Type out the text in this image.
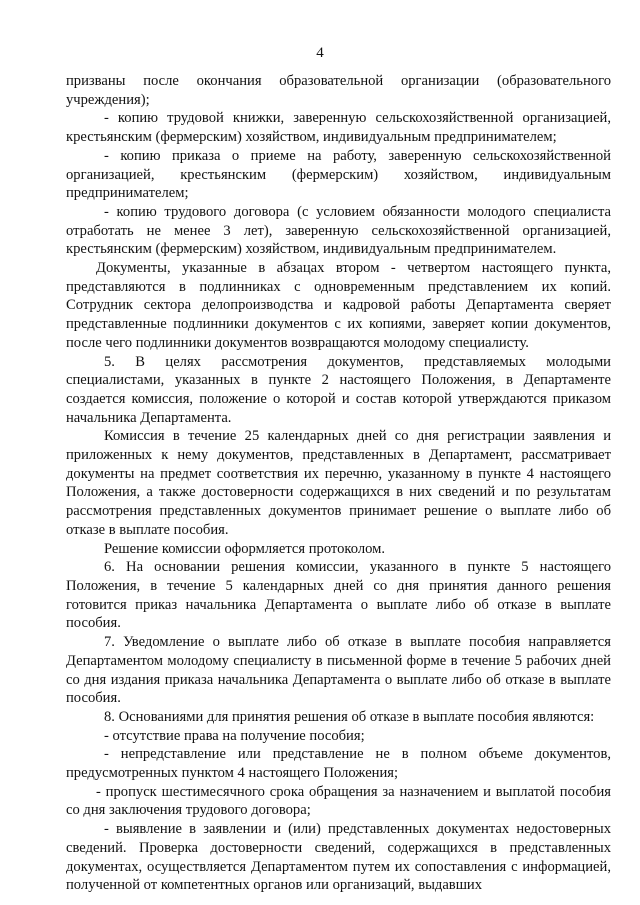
4

призваны после окончания образовательной организации (образовательного учреждения);

- копию трудовой книжки, заверенную сельскохозяйственной организацией, крестьянским (фермерским) хозяйством, индивидуальным предпринимателем;

- копию приказа о приеме на работу, заверенную сельскохозяйственной организацией, крестьянским (фермерским) хозяйством, индивидуальным предпринимателем;

- копию трудового договора (с условием обязанности молодого специалиста отработать не менее 3 лет), заверенную сельскохозяйственной организацией, крестьянским (фермерским) хозяйством, индивидуальным предпринимателем.

Документы, указанные в абзацах втором - четвертом настоящего пункта, представляются в подлинниках с одновременным представлением их копий. Сотрудник сектора делопроизводства и кадровой работы Департамента сверяет представленные подлинники документов с их копиями, заверяет копии документов, после чего подлинники документов возвращаются молодому специалисту.

5. В целях рассмотрения документов, представляемых молодыми специалистами, указанных в пункте 2 настоящего Положения, в Департаменте создается комиссия, положение о которой и состав которой утверждаются приказом начальника Департамента.

Комиссия в течение 25 календарных дней со дня регистрации заявления и приложенных к нему документов, представленных в Департамент, рассматривает документы на предмет соответствия их перечню, указанному в пункте 4 настоящего Положения, а также достоверности содержащихся в них сведений и по результатам рассмотрения представленных документов принимает решение о выплате либо об отказе в выплате пособия.

Решение комиссии оформляется протоколом.

6. На основании решения комиссии, указанного в пункте 5 настоящего Положения, в течение 5 календарных дней со дня принятия данного решения готовится приказ начальника Департамента о выплате либо об отказе в выплате пособия.

7. Уведомление о выплате либо об отказе в выплате пособия направляется Департаментом молодому специалисту в письменной форме в течение 5 рабочих дней со дня издания приказа начальника Департамента о выплате либо об отказе в выплате пособия.

8. Основаниями для принятия решения об отказе в выплате пособия являются:

- отсутствие права на получение пособия;

- непредставление или представление не в полном объеме документов, предусмотренных пунктом 4 настоящего Положения;

- пропуск шестимесячного срока обращения за назначением и выплатой пособия со дня заключения трудового договора;

- выявление в заявлении и (или) представленных документах недостоверных сведений. Проверка достоверности сведений, содержащихся в представленных документах, осуществляется Департаментом путем их сопоставления с информацией, полученной от компетентных органов или организаций, выдавших
